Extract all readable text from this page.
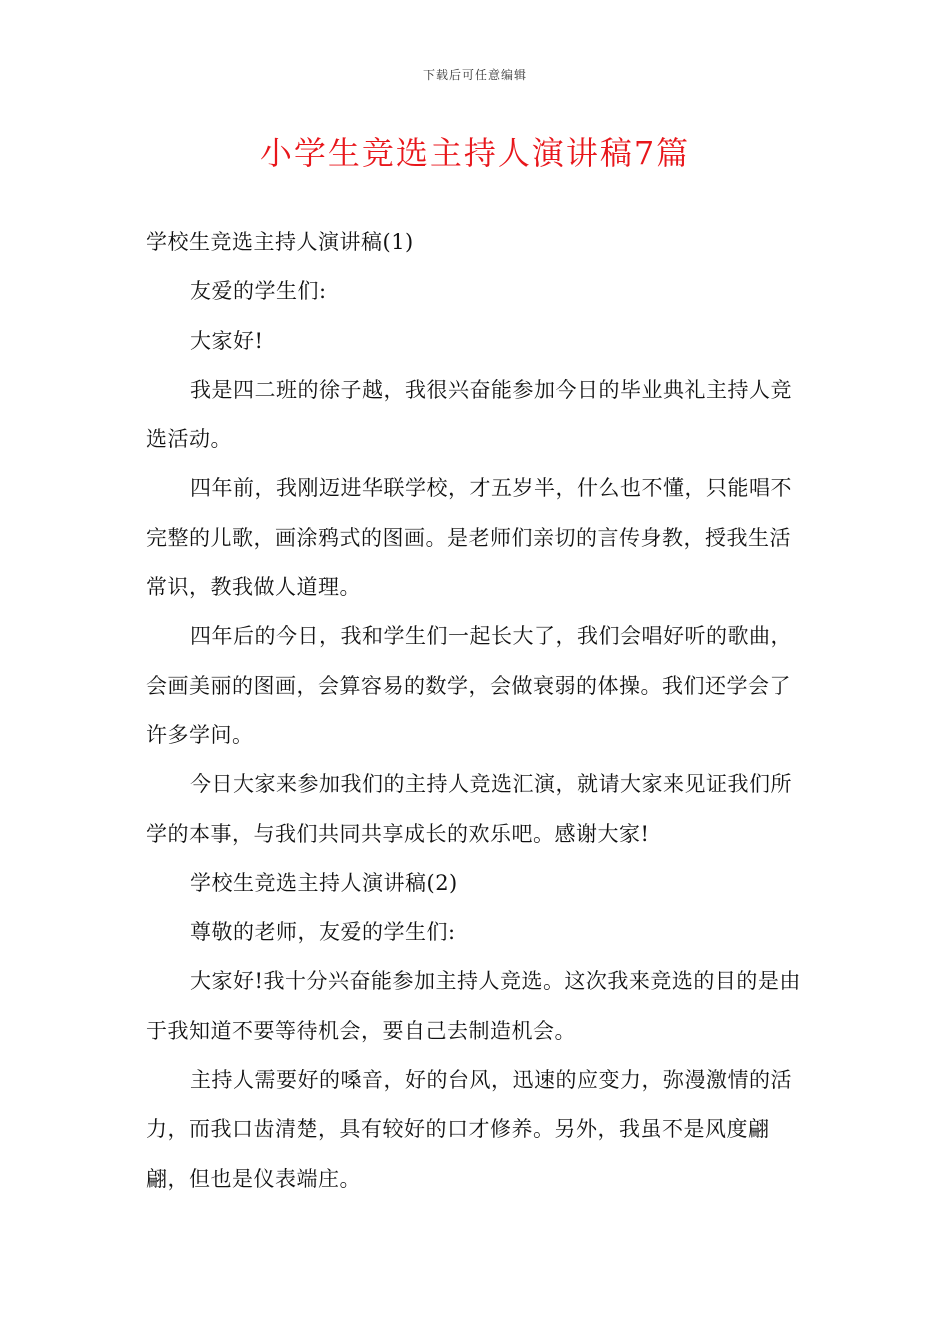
下载后可任意编辑
小学生竞选主持人演讲稿7篇

学校生竞选主持人演讲稿(1)

友爱的学生们:

大家好!

我是四二班的徐子越，我很兴奋能参加今日的毕业典礼主持人竞选活动。

四年前，我刚迈进华联学校，才五岁半，什么也不懂，只能唱不完整的儿歌，画涂鸦式的图画。是老师们亲切的言传身教，授我生活常识，教我做人道理。

四年后的今日，我和学生们一起长大了，我们会唱好听的歌曲，会画美丽的图画，会算容易的数学，会做衰弱的体操。我们还学会了许多学问。

今日大家来参加我们的主持人竞选汇演，就请大家来见证我们所学的本事，与我们共同共享成长的欢乐吧。感谢大家!

学校生竞选主持人演讲稿(2)

尊敬的老师，友爱的学生们:

大家好!我十分兴奋能参加主持人竞选。这次我来竞选的目的是由于我知道不要等待机会，要自己去制造机会。

主持人需要好的嗓音，好的台风，迅速的应变力，弥漫激情的活力，而我口齿清楚，具有较好的口才修养。另外，我虽不是风度翩翩，但也是仪表端庄。
